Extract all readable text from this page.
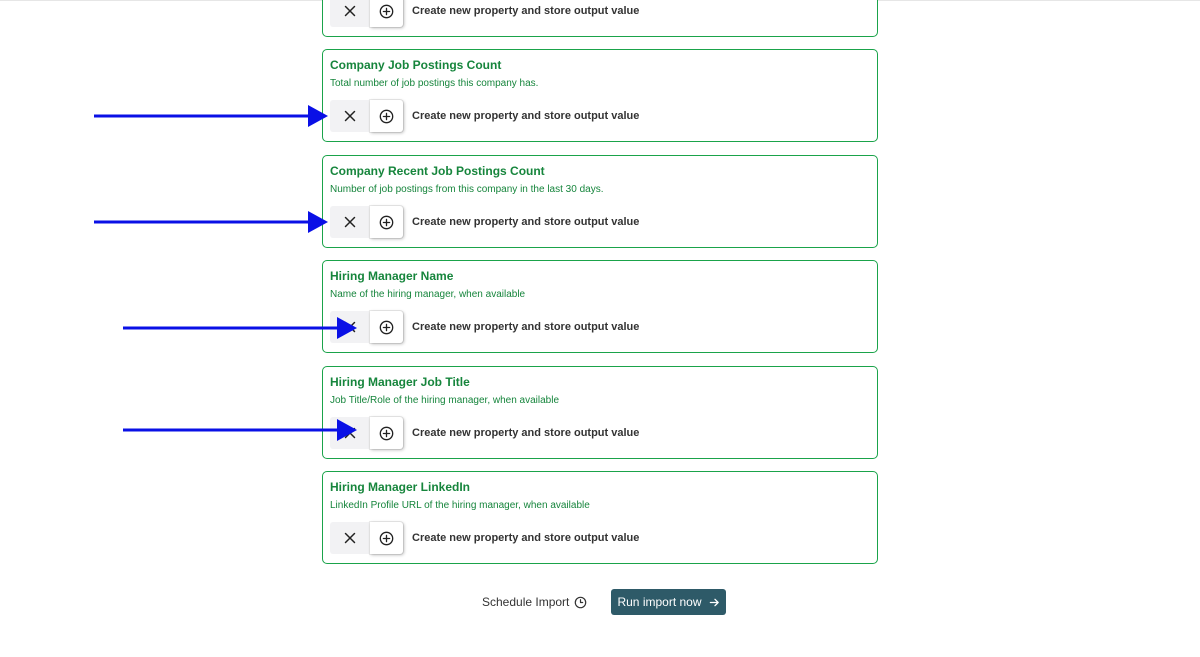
Create new property and store output value
Company Job Postings Count
Total number of job postings this company has.
Create new property and store output value
Company Recent Job Postings Count
Number of job postings from this company in the last 30 days.
Create new property and store output value
Hiring Manager Name
Name of the hiring manager, when available
Create new property and store output value
Hiring Manager Job Title
Job Title/Role of the hiring manager, when available
Create new property and store output value
Hiring Manager LinkedIn
LinkedIn Profile URL of the hiring manager, when available
Create new property and store output value
Schedule Import	Run import now
